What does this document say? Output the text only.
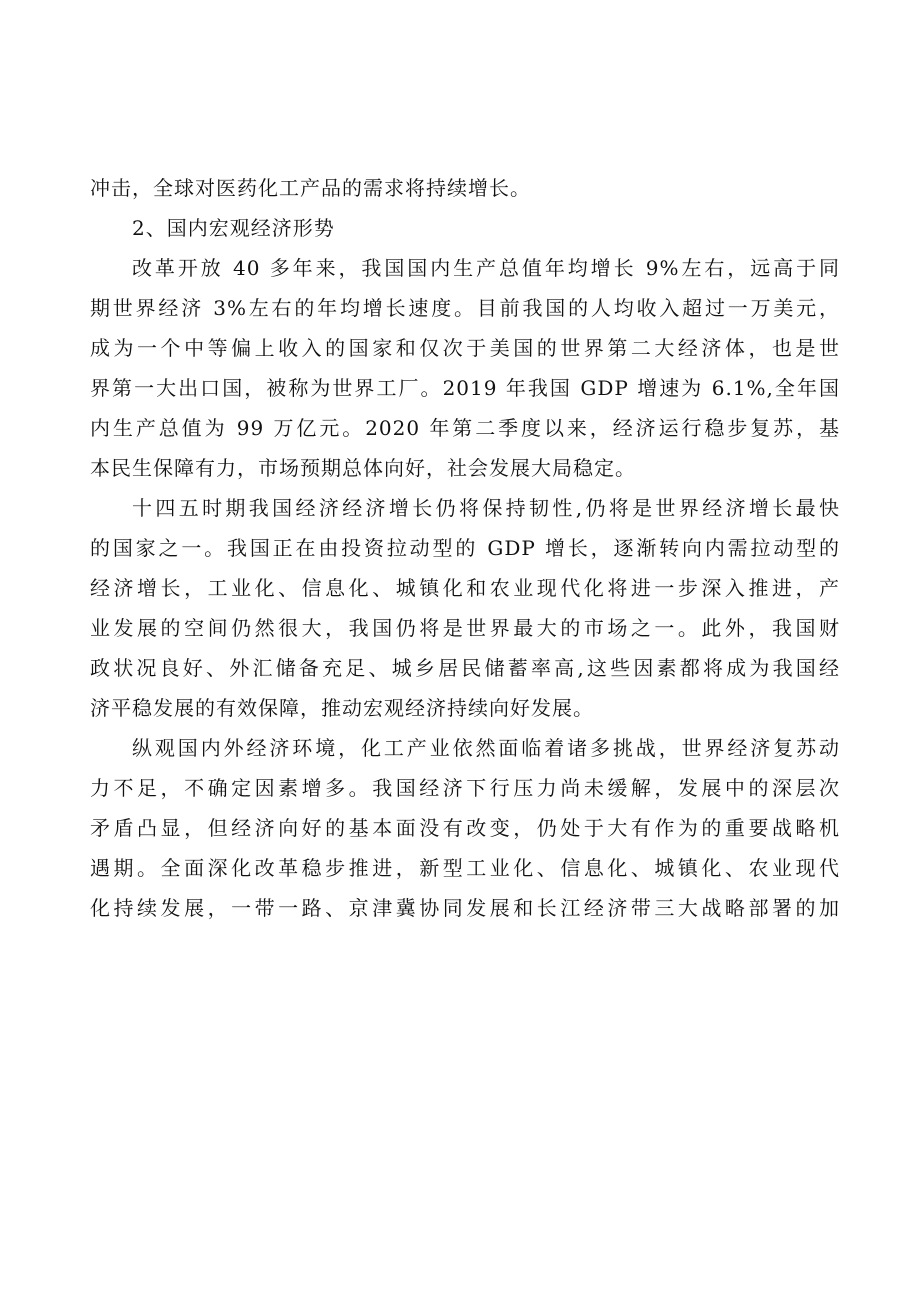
冲击，全球对医药化工产品的需求将持续增长。
2、国内宏观经济形势
改革开放 40 多年来，我国国内生产总值年均增长 9%左右，远高于同
期世界经济 3%左右的年均增长速度。目前我国的人均收入超过一万美元，
成为一个中等偏上收入的国家和仅次于美国的世界第二大经济体，也是世
界第一大出口国，被称为世界工厂。2019 年我国 GDP 增速为 6.1%,全年国
内生产总值为 99 万亿元。2020 年第二季度以来，经济运行稳步复苏，基
本民生保障有力，市场预期总体向好，社会发展大局稳定。
十四五时期我国经济经济增长仍将保持韧性,仍将是世界经济增长最快
的国家之一。我国正在由投资拉动型的 GDP 增长，逐渐转向内需拉动型的
经济增长，工业化、信息化、城镇化和农业现代化将进一步深入推进，产
业发展的空间仍然很大，我国仍将是世界最大的市场之一。此外，我国财
政状况良好、外汇储备充足、城乡居民储蓄率高,这些因素都将成为我国经
济平稳发展的有效保障，推动宏观经济持续向好发展。
纵观国内外经济环境，化工产业依然面临着诸多挑战，世界经济复苏动
力不足，不确定因素增多。我国经济下行压力尚未缓解，发展中的深层次
矛盾凸显，但经济向好的基本面没有改变，仍处于大有作为的重要战略机
遇期。全面深化改革稳步推进，新型工业化、信息化、城镇化、农业现代
化持续发展，一带一路、京津冀协同发展和长江经济带三大战略部署的加
